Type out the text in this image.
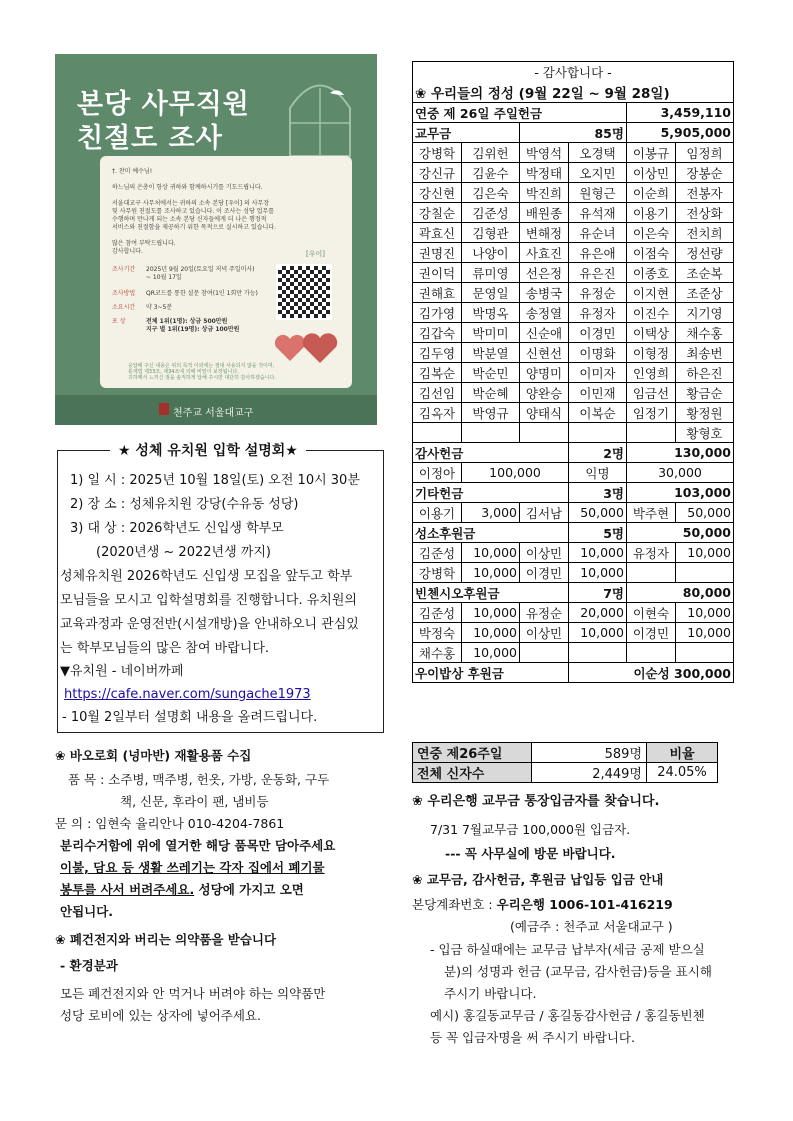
본당 사무직원
친절도 조사
†. 찬미 예수님!
하느님의 은총이 항상 귀하와 함께하시기를 기도드립니다.
서울대교구 사무처에서는 귀하의 소속 본당 [우이] 의 사무장
및 사무원 친절도를 조사하고 있습니다. 이 조사는 성당 업무를
수행하며 만나게 되는 소속 본당 신자들에게 더 나은 행정적
서비스와 친절함을 제공하기 위한 목적으로 실시하고 있습니다.
많은 참여 부탁드립니다.
감사합니다.	[우이]
조사기간 2025년 9월 20일(토요일 저녁 주일미사) ~ 10월 17일
조사방법 QR코드를 통한 설문 참여(1인 1회만 가능)
소요시간 약 3~5분
포 상	전체 1위(1명): 상금 500만원
지구 별 1위(19명): 상금 100만원
응답해 주신 내용은 위의 목적 이외에는 절대 사용되지 않을 것이며,
통계법 제33조, 제34조에 의해 비밀이 보장됩니다.
귀하께서 느끼신 점을 솔직하게 답해 주시면 대단히 감사하겠습니다.
천주교 서울대교구
★ 성체 유치원 입학 설명회★
1) 일 시 : 2025년 10월 18일(토) 오전 10시 30분
2) 장 소 : 성체유치원 강당(수유동 성당)
3) 대 상 : 2026학년도 신입생 학부모
(2020년생 ~ 2022년생 까지)
성체유치원 2026학년도 신입생 모집을 앞두고 학부
모님들을 모시고 입학설명회를 진행합니다. 유치원의
교육과정과 운영전반(시설개방)을 안내하오니 관심있
는 학부모님들의 많은 참여 바랍니다.
▼유치원 - 네이버까페
https://cafe.naver.com/sungache1973
- 10월 2일부터 설명회 내용을 올려드립니다.
❀ 바오로회 (넝마반) 재활용품 수집
품 목 : 소주병, 맥주병, 헌옷, 가방, 운동화, 구두
책, 신문, 후라이 팬, 냄비등
문 의 : 임현숙 율리안나 010-4204-7861
분리수거함에 위에 열거한 해당 품목만 담아주세요
이불, 담요 등 생활 쓰레기는 각자 집에서 폐기물
봉투를 사서 버려주세요. 성당에 가지고 오면
안됩니다.
❀ 폐건전지와 버리는 의약품을 받습니다
- 환경분과
모든 폐건전지와 안 먹거나 버려야 하는 의약품만
성당 로비에 있는 상자에 넣어주세요.
- 감사합니다 -					
❀ 우리들의 정성 (9월 22일 ~ 9월 28일)					
연중 제 26일 주일헌금				3,459,110	
교무금		85명		5,905,000	
강병학	김위헌	박영석	오경택	이봉규	임정희
강신규	김윤수	박정태	오지민	이상민	장봉순
강신현	김은숙	박진희	원형근	이순희	전봉자
강칠순	김준성	배원종	유석재	이용기	전상화
곽효신	김형관	변해정	유순녀	이은숙	전치희
권명진	나양이	사효진	유은애	이점숙	정선량
권이덕	류미영	선은정	유은진	이종호	조순복
권해효	문영일	송병국	유정순	이지현	조준상
김가영	박명옥	송정열	유정자	이진수	지기영
김갑숙	박미미	신순애	이경민	이택상	채수홍
김두영	박분열	신현선	이명화	이형정	최송번
김복순	박순민	양명미	이미자	인영희	하은진
김선임	박순혜	양완승	이민재	임금선	황금순
김옥자	박영규	양태식	이복순	임정기	황정원
					황형호
감사헌금			2명	130,000	
이정아	100,000		익명	30,000	
기타헌금			3명	103,000	
이용기	3,000	김서남	50,000	박주현	50,000
성소후원금			5명	50,000	
김준성	10,000	이상민	10,000	유정자	10,000
강병학	10,000	이경민	10,000		
빈첸시오후원금			7명	80,000	
김준성	10,000	유정순	20,000	이현숙	10,000
박정숙	10,000	이상민	10,000	이경민	10,000
채수홍	10,000				
우이밥상 후원금			이순성 300,000		
연중 제26주일	589명	비율
전체 신자수	2,449명	24.05%
❀ 우리은행 교무금 통장입금자를 찾습니다.
7/31 7월교무금 100,000원 입금자.
--- 꼭 사무실에 방문 바랍니다.
❀ 교무금, 감사헌금, 후원금 납입등 입금 안내
본당계좌번호 : 우리은행 1006-101-416219
(예금주 : 천주교 서울대교구 )
- 입금 하실때에는 교무금 납부자(세금 공제 받으실
분)의 성명과 헌금 (교무금, 감사헌금)등을 표시해
주시기 바랍니다.
예시) 홍길동교무금 / 홍길동감사헌금 / 홍길동빈첸
등 꼭 입금자명을 써 주시기 바랍니다.
